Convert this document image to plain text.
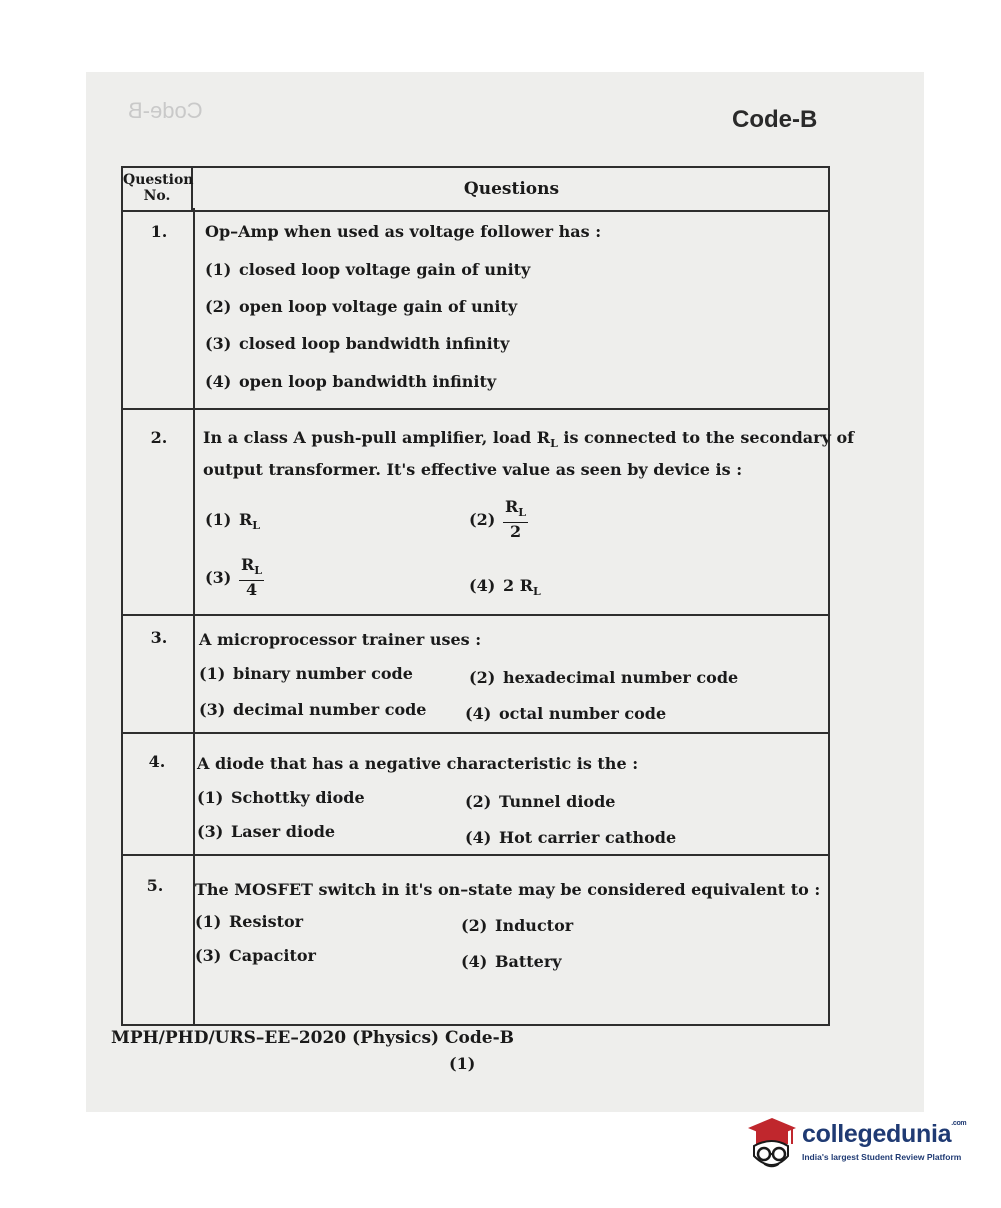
Code-B	Code-B
Question No.	Questions
1.	Op–Amp when used as voltage follower has :
(1) closed loop voltage gain of unity
(2) open loop voltage gain of unity
(3) closed loop bandwidth infinity
(4) open loop bandwidth infinity
2.	In a class A push-pull amplifier, load $R_L$ is connected to the secondary of
output transformer. It's effective value as seen by device is :
(1) $R_L$	$(2) \frac{R_L}{2}$
$(3) \frac{R_L}{4}$	(4) 2 $R_L$
3.	A microprocessor trainer uses :
(1) binary number code	(2) hexadecimal number code
(3) decimal number code (4) octal number code
4.	A diode that has a negative characteristic is the :
(1) Schottky diode	(2) Tunnel diode
(3) Laser diode	(4) Hot carrier cathode
5.	The MOSFET switch in it's on–state may be considered equivalent to :
(1) Resistor	(2) Inductor
(3) Capacitor	(4) Battery
MPH/PHD/URS–EE–2020 (Physics) Code-B
(1)
collegedunia$^{.com}$
India's largest Student Review Platform
